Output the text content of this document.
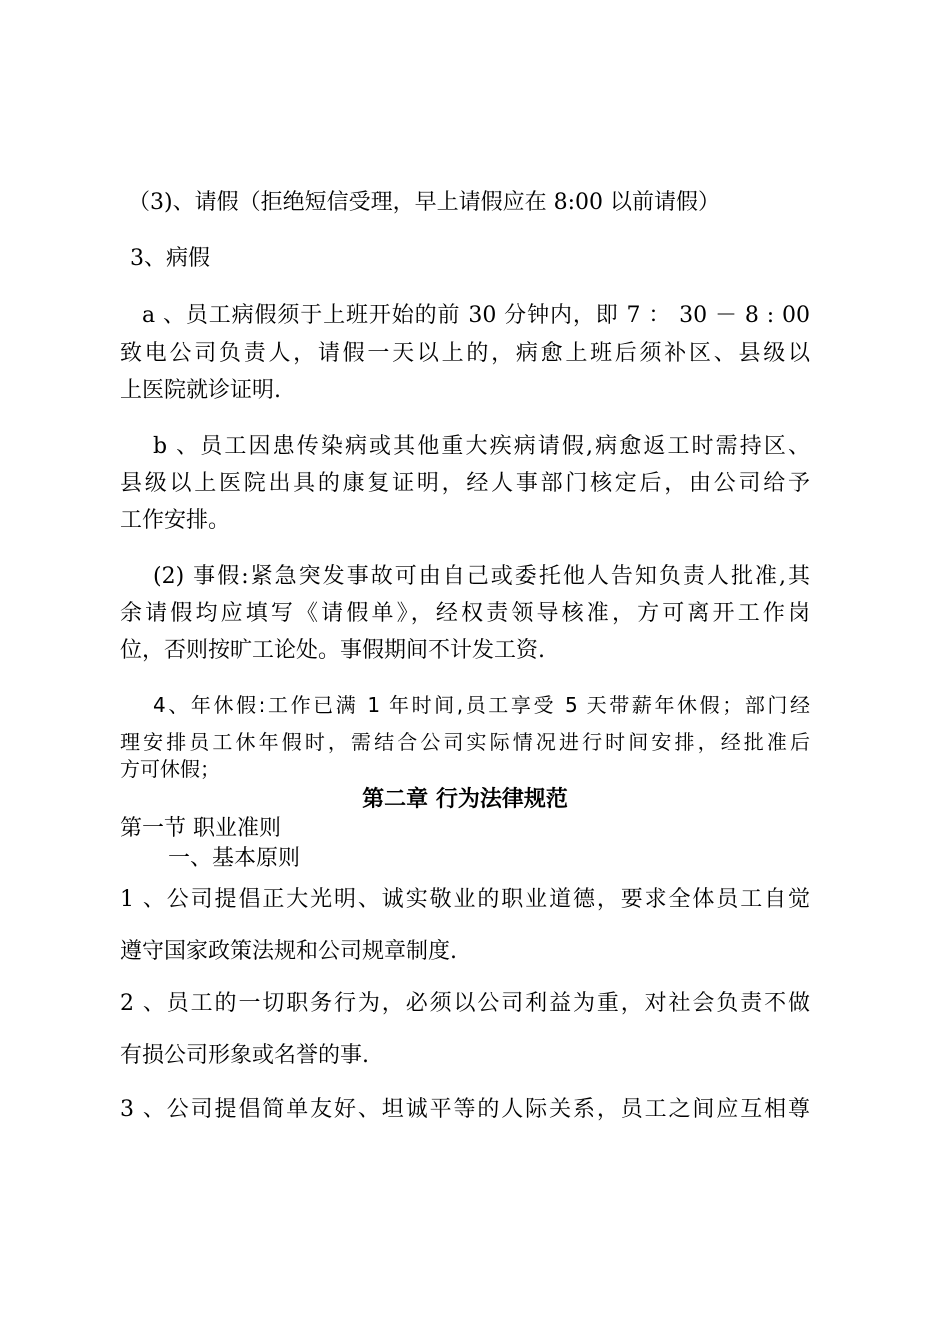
（3)、请假（拒绝短信受理，早上请假应在 8:00 以前请假）
3、病假
a 、员工病假须于上班开始的前 30 分钟内，即 7 ： 30 － 8 : 00
致电公司负责人，请假一天以上的，病愈上班后须补区、县级以
上医院就诊证明.
b 、员工因患传染病或其他重大疾病请假,病愈返工时需持区、
县级以上医院出具的康复证明，经人事部门核定后，由公司给予
工作安排。
(2) 事假:紧急突发事故可由自己或委托他人告知负责人批准,其
余请假均应填写《请假单》，经权责领导核准，方可离开工作岗
位，否则按旷工论处。事假期间不计发工资.
4、年休假:工作已满 1 年时间,员工享受 5 天带薪年休假；部门经
理安排员工休年假时，需结合公司实际情况进行时间安排，经批准后
方可休假；
第二章 行为法律规范
第一节 职业准则
一、基本原则
1 、公司提倡正大光明、诚实敬业的职业道德，要求全体员工自觉
遵守国家政策法规和公司规章制度.
2 、员工的一切职务行为，必须以公司利益为重，对社会负责不做
有损公司形象或名誉的事.
3 、公司提倡简单友好、坦诚平等的人际关系，员工之间应互相尊
